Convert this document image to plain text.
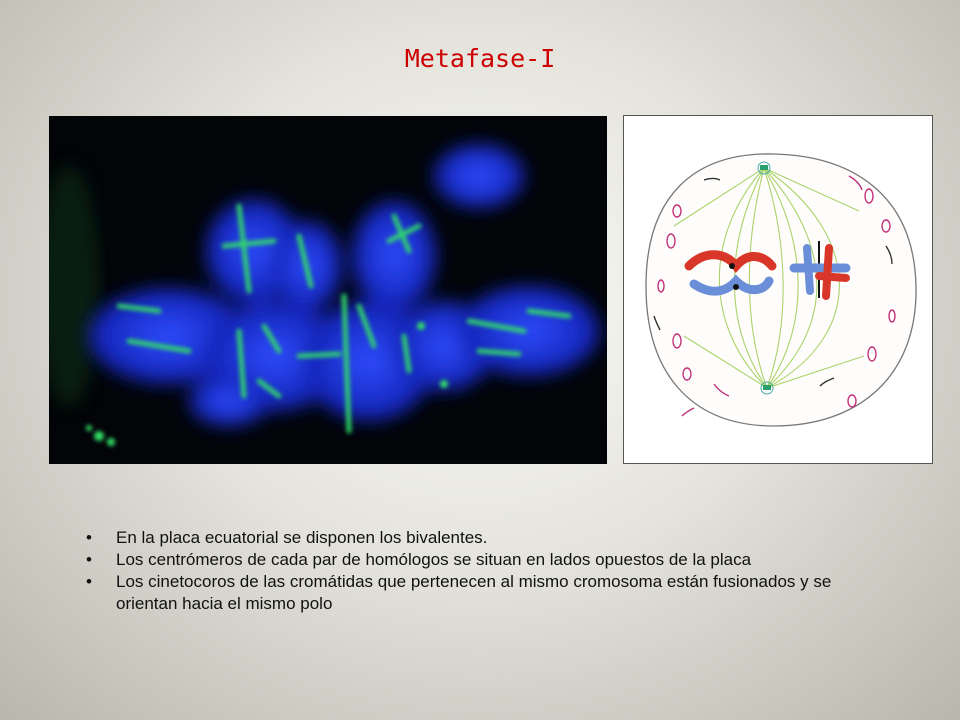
Metafase-I
• En la placa ecuatorial se disponen los bivalentes.
• Los centrómeros de cada par de homólogos se situan en lados opuestos de la placa
• Los cinetocoros de las cromátidas que pertenecen al mismo cromosoma están fusionados y se orientan hacia el mismo polo
